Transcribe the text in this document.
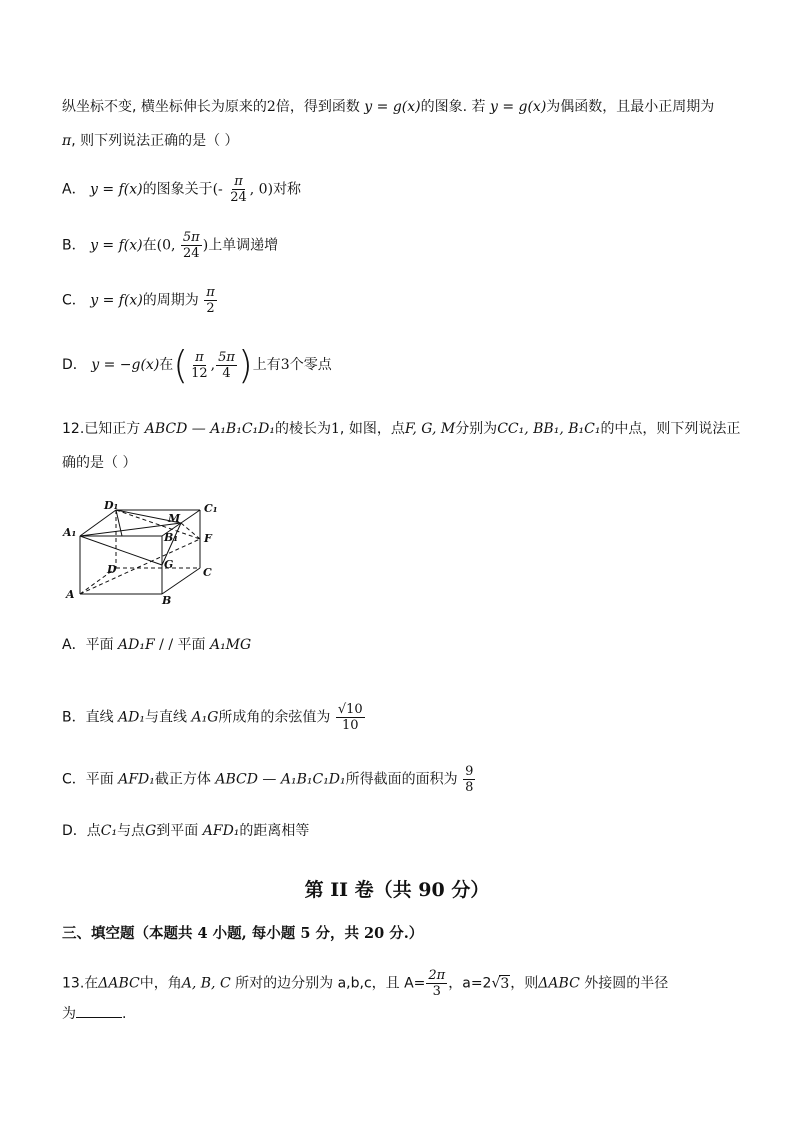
纵坐标不变, 横坐标伸长为原来的2倍，得到函数 y = g(x)的图象. 若 y = g(x)为偶函数，且最小正周期为
π, 则下列说法正确的是（ ）
A． y = f(x)的图象关于(- $\frac{\pi}{24}$ , 0)对称
B． y = f(x)在(0, $\frac{5\pi}{24}$ )上单调递增
C． y = f(x)的周期为 $\frac{\pi}{2}$
D． y = −g(x)在( $\frac{\pi}{12}$ , $\frac{5\pi}{4}$ )上有3个零点
12.已知正方 ABCD — A₁B₁C₁D₁的棱长为1, 如图，点F, G, M分别为CC₁, BB₁, B₁C₁的中点，则下列说法正
确的是（ ）
D₁	C₁
A₁
M
B₁ F
D	G
C
A	B
A．平面 AD₁F / / 平面 A₁MG
B．直线 AD₁与直线 A₁G所成角的余弦值为 $\frac{√10}{10}$
C．平面 AFD₁截正方体 ABCD — A₁B₁C₁D₁所得截面的面积为 $\frac{9}{8}$
D．点C₁与点G到平面 AFD₁的距离相等
第 II 卷（共 90 分）
三、填空题（本题共 4 小题, 每小题 5 分，共 20 分.）
13.在ΔABC中，角A, B, C 所对的边分别为 a,b,c，且 $A= \frac{2\pi}{3}$ ，a=2√3，则ΔABC 外接圆的半径
为	.
